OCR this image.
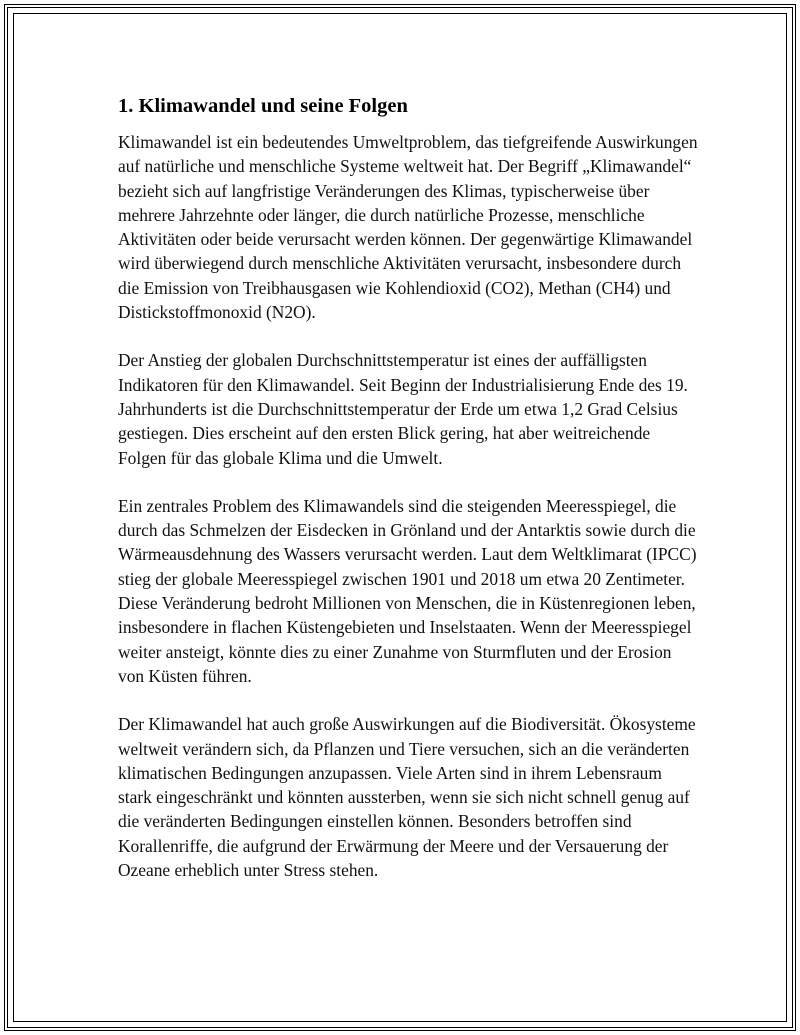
1. Klimawandel und seine Folgen

Klimawandel ist ein bedeutendes Umweltproblem, das tiefgreifende Auswirkungen auf natürliche und menschliche Systeme weltweit hat. Der Begriff „Klimawandel“ bezieht sich auf langfristige Veränderungen des Klimas, typischerweise über mehrere Jahrzehnte oder länger, die durch natürliche Prozesse, menschliche Aktivitäten oder beide verursacht werden können. Der gegenwärtige Klimawandel wird überwiegend durch menschliche Aktivitäten verursacht, insbesondere durch die Emission von Treibhausgasen wie Kohlendioxid (CO2), Methan (CH4) und Distickstoffmonoxid (N2O).

Der Anstieg der globalen Durchschnittstemperatur ist eines der auffälligsten Indikatoren für den Klimawandel. Seit Beginn der Industrialisierung Ende des 19. Jahrhunderts ist die Durchschnittstemperatur der Erde um etwa 1,2 Grad Celsius gestiegen. Dies erscheint auf den ersten Blick gering, hat aber weitreichende Folgen für das globale Klima und die Umwelt.

Ein zentrales Problem des Klimawandels sind die steigenden Meeresspiegel, die durch das Schmelzen der Eisdecken in Grönland und der Antarktis sowie durch die Wärmeausdehnung des Wassers verursacht werden. Laut dem Weltklimarat (IPCC) stieg der globale Meeresspiegel zwischen 1901 und 2018 um etwa 20 Zentimeter. Diese Veränderung bedroht Millionen von Menschen, die in Küstenregionen leben, insbesondere in flachen Küstengebieten und Inselstaaten. Wenn der Meeresspiegel weiter ansteigt, könnte dies zu einer Zunahme von Sturmfluten und der Erosion von Küsten führen.

Der Klimawandel hat auch große Auswirkungen auf die Biodiversität. Ökosysteme weltweit verändern sich, da Pflanzen und Tiere versuchen, sich an die veränderten klimatischen Bedingungen anzupassen. Viele Arten sind in ihrem Lebensraum stark eingeschränkt und könnten aussterben, wenn sie sich nicht schnell genug auf die veränderten Bedingungen einstellen können. Besonders betroffen sind Korallenriffe, die aufgrund der Erwärmung der Meere und der Versauerung der Ozeane erheblich unter Stress stehen.
